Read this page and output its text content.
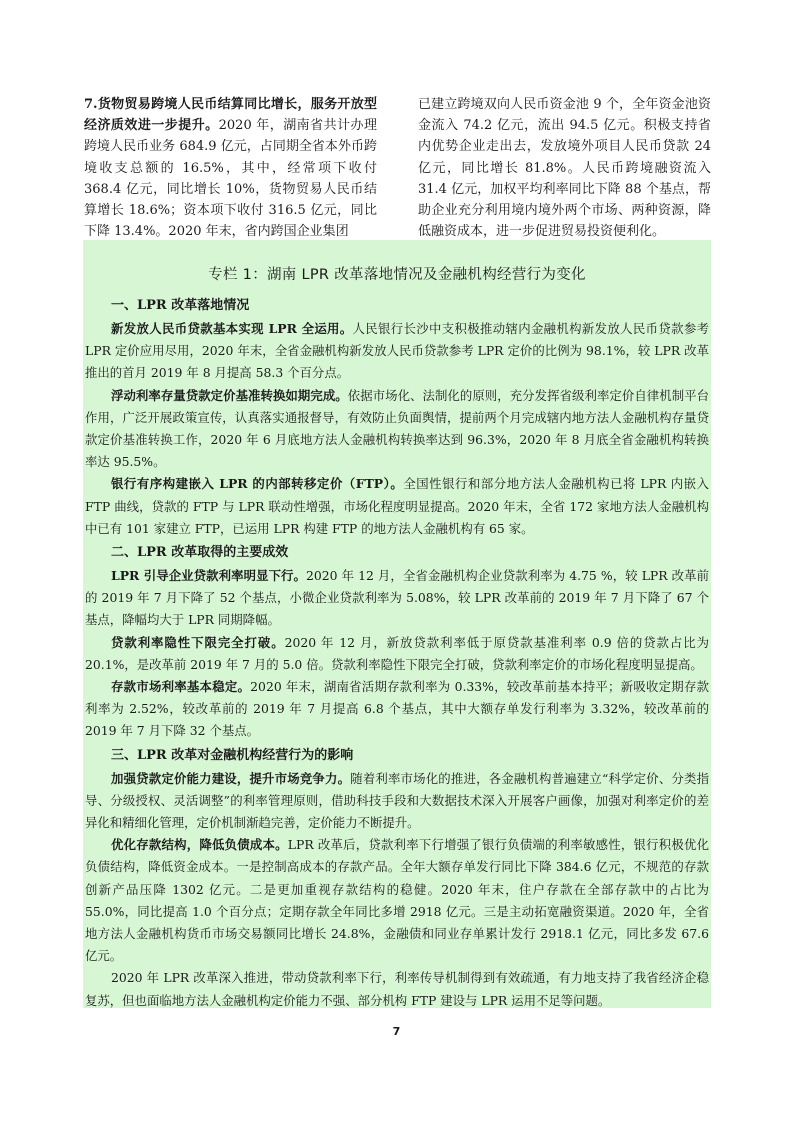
7.货物贸易跨境人民币结算同比增长，服务开放型经济质效进一步提升。2020 年，湖南省共计办理跨境人民币业务 684.9 亿元，占同期全省本外币跨境收支总额的 16.5%，其中，经常项下收付 368.4 亿元，同比增长 10%，货物贸易人民币结算增长 18.6%；资本项下收付 316.5 亿元，同比下降 13.4%。2020 年末，省内跨国企业集团
已建立跨境双向人民币资金池 9 个，全年资金池资金流入 74.2 亿元，流出 94.5 亿元。积极支持省内优势企业走出去，发放境外项目人民币贷款 24 亿元，同比增长 81.8%。人民币跨境融资流入 31.4 亿元，加权平均利率同比下降 88 个基点，帮助企业充分利用境内境外两个市场、两种资源，降低融资成本，进一步促进贸易投资便利化。
专栏 1：湖南 LPR 改革落地情况及金融机构经营行为变化
一、LPR 改革落地情况

新发放人民币贷款基本实现 LPR 全运用。人民银行长沙中支积极推动辖内金融机构新发放人民币贷款参考 LPR 定价应用尽用，2020 年末，全省金融机构新发放人民币贷款参考 LPR 定价的比例为 98.1%，较 LPR 改革推出的首月 2019 年 8 月提高 58.3 个百分点。

浮动利率存量贷款定价基准转换如期完成。依据市场化、法制化的原则，充分发挥省级利率定价自律机制平台作用，广泛开展政策宣传，认真落实通报督导，有效防止负面舆情，提前两个月完成辖内地方法人金融机构存量贷款定价基准转换工作，2020 年 6 月底地方法人金融机构转换率达到 96.3%，2020 年 8 月底全省金融机构转换率达 95.5%。

银行有序构建嵌入 LPR 的内部转移定价（FTP）。全国性银行和部分地方法人金融机构已将 LPR 内嵌入 FTP 曲线，贷款的 FTP 与 LPR 联动性增强，市场化程度明显提高。2020 年末，全省 172 家地方法人金融机构中已有 101 家建立 FTP，已运用 LPR 构建 FTP 的地方法人金融机构有 65 家。

二、LPR 改革取得的主要成效

LPR 引导企业贷款利率明显下行。2020 年 12 月，全省金融机构企业贷款利率为 4.75 %，较 LPR 改革前的 2019 年 7 月下降了 52 个基点，小微企业贷款利率为 5.08%，较 LPR 改革前的 2019 年 7 月下降了 67 个基点，降幅均大于 LPR 同期降幅。

贷款利率隐性下限完全打破。2020 年 12 月，新放贷款利率低于原贷款基准利率 0.9 倍的贷款占比为 20.1%，是改革前 2019 年 7 月的 5.0 倍。贷款利率隐性下限完全打破，贷款利率定价的市场化程度明显提高。

存款市场利率基本稳定。2020 年末，湖南省活期存款利率为 0.33%，较改革前基本持平；新吸收定期存款利率为 2.52%，较改革前的 2019 年 7 月提高 6.8 个基点，其中大额存单发行利率为 3.32%，较改革前的 2019 年 7 月下降 32 个基点。

三、LPR 改革对金融机构经营行为的影响

加强贷款定价能力建设，提升市场竞争力。随着利率市场化的推进，各金融机构普遍建立“科学定价、分类指导、分级授权、灵活调整”的利率管理原则，借助科技手段和大数据技术深入开展客户画像，加强对利率定价的差异化和精细化管理，定价机制渐趋完善，定价能力不断提升。

优化存款结构，降低负债成本。LPR 改革后，贷款利率下行增强了银行负债端的利率敏感性，银行积极优化负债结构，降低资金成本。一是控制高成本的存款产品。全年大额存单发行同比下降 384.6 亿元，不规范的存款创新产品压降 1302 亿元。二是更加重视存款结构的稳健。2020 年末，住户存款在全部存款中的占比为 55.0%，同比提高 1.0 个百分点；定期存款全年同比多增 2918 亿元。三是主动拓宽融资渠道。2020 年，全省地方法人金融机构货币市场交易额同比增长 24.8%，金融债和同业存单累计发行 2918.1 亿元，同比多发 67.6 亿元。

2020 年 LPR 改革深入推进，带动贷款利率下行，利率传导机制得到有效疏通，有力地支持了我省经济企稳复苏，但也面临地方法人金融机构定价能力不强、部分机构 FTP 建设与 LPR 运用不足等问题。

7
